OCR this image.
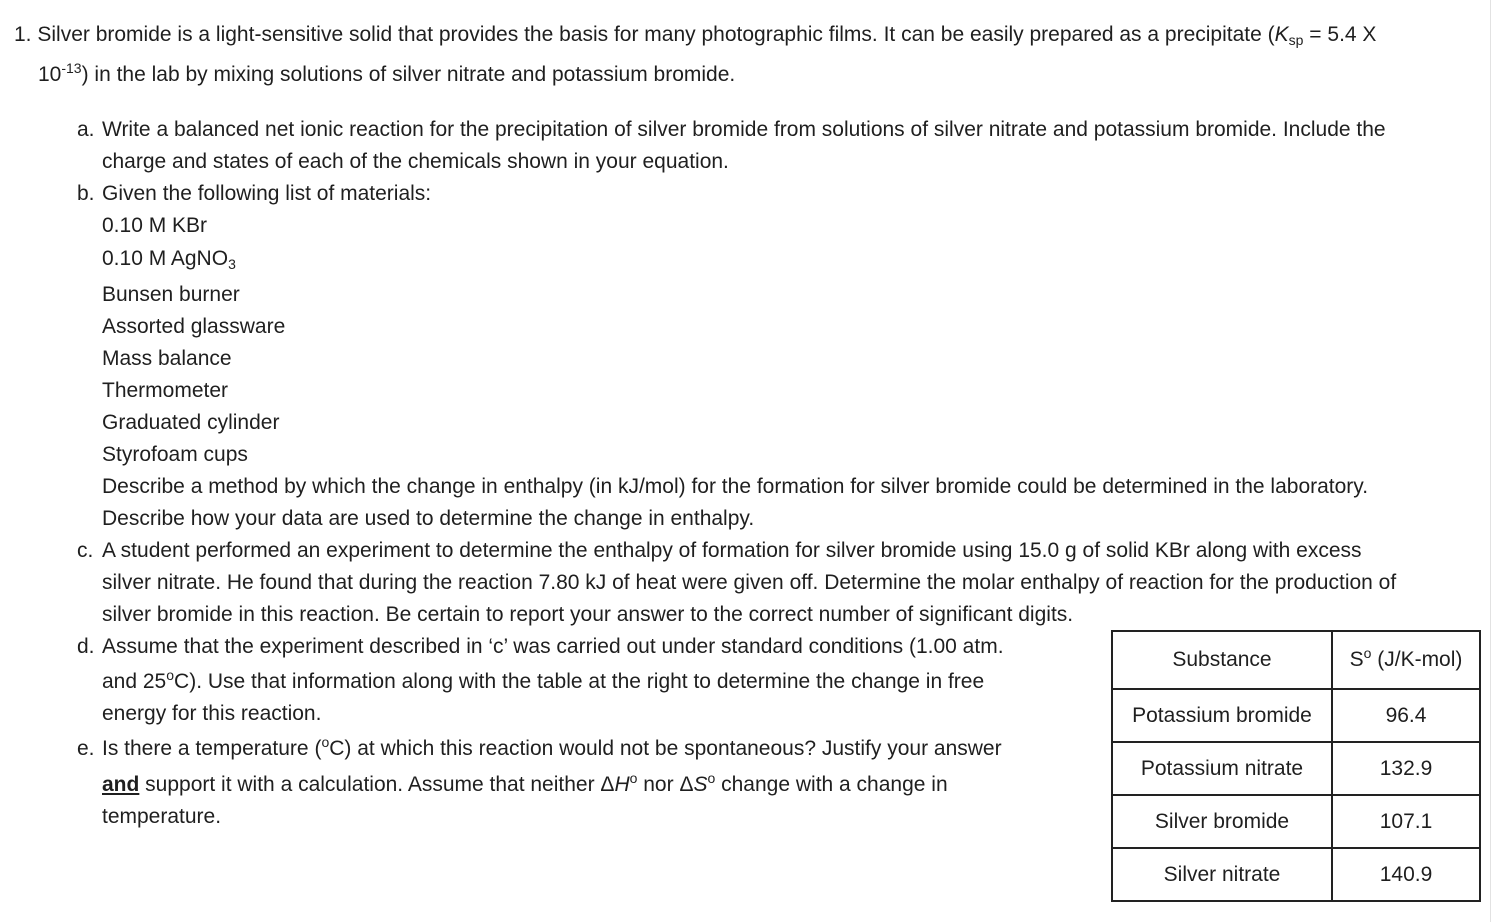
1. Silver bromide is a light-sensitive solid that provides the basis for many photographic films. It can be easily prepared as a precipitate ($K_{sp} = 5.4$ X
$10^{-13}$) in the lab by mixing solutions of silver nitrate and potassium bromide.
a. Write a balanced net ionic reaction for the precipitation of silver bromide from solutions of silver nitrate and potassium bromide. Include the
charge and states of each of the chemicals shown in your equation.
b. Given the following list of materials:
0.10 M KBr
0.10 M AgNO$_3$
Bunsen burner
Assorted glassware
Mass balance
Thermometer
Graduated cylinder
Styrofoam cups
Describe a method by which the change in enthalpy (in kJ/mol) for the formation for silver bromide could be determined in the laboratory.
Describe how your data are used to determine the change in enthalpy.
c. A student performed an experiment to determine the enthalpy of formation for silver bromide using 15.0 g of solid KBr along with excess
silver nitrate. He found that during the reaction 7.80 kJ of heat were given off. Determine the molar enthalpy of reaction for the production of
silver bromide in this reaction. Be certain to report your answer to the correct number of significant digits.
d. Assume that the experiment described in ‘c’ was carried out under standard conditions (1.00 atm.
and 25$^o$C). Use that information along with the table at the right to determine the change in free
energy for this reaction.
e. Is there a temperature ($^o$C) at which this reaction would not be spontaneous? Justify your answer
and support it with a calculation. Assume that neither $\Delta H^o$ nor $\Delta S^o$ change with a change in
temperature.
Substance	$S^o$ (J/K-mol)
Potassium bromide	96.4
Potassium nitrate	132.9
Silver bromide	107.1
Silver nitrate	140.9
